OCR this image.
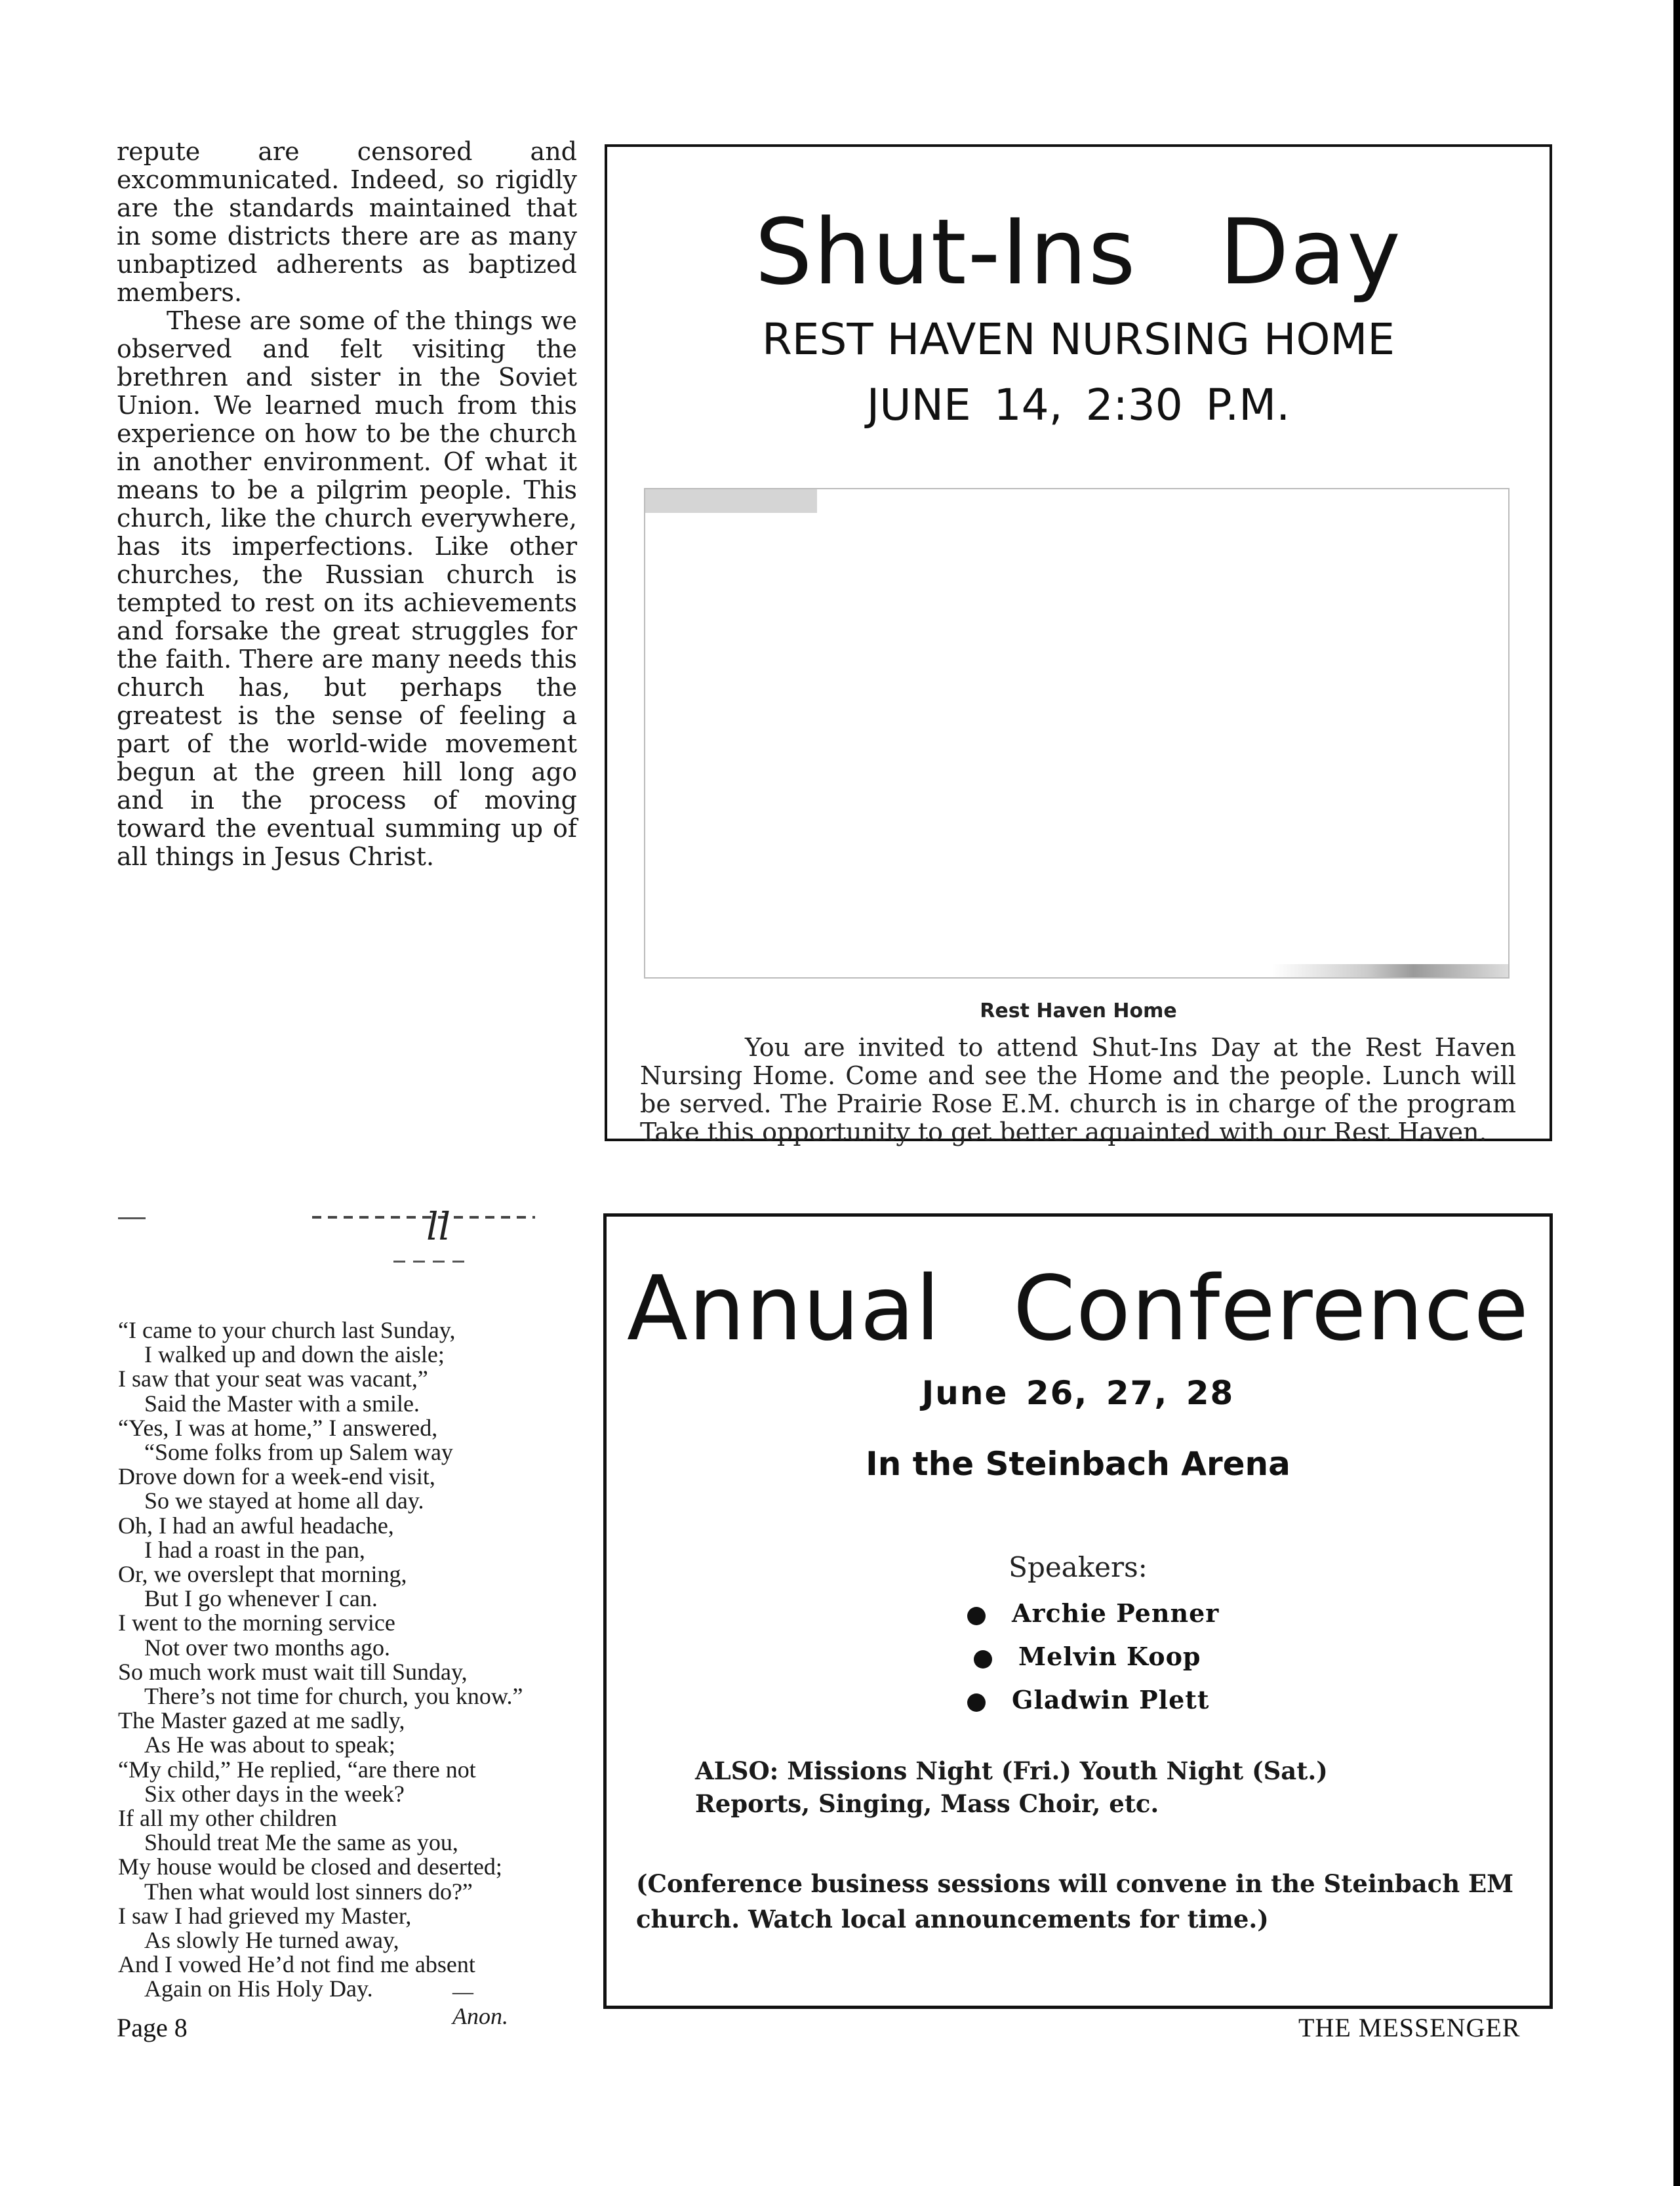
repute are censored and excommunicated. Indeed, so rigidly are the standards maintained that in some districts there are as many unbaptized adherents as baptized members.

These are some of the things we observed and felt visiting the brethren and sister in the Soviet Union. We learned much from this experience on how to be the church in another environment. Of what it means to be a pilgrim people. This church, like the church everywhere, has its imperfections. Like other churches, the Russian church is tempted to rest on its achievements and forsake the great struggles for the faith. There are many needs this church has, but perhaps the greatest is the sense of feeling a part of the world-wide movement begun at the green hill long ago and in the process of moving toward the eventual summing up of all things in Jesus Christ.

Shut-Ins Day
REST HAVEN NURSING HOME
JUNE 14, 2:30 P.M.
Rest Haven Home
You are invited to attend Shut-Ins Day at the Rest Haven Nursing Home. Come and see the Home and the people. Lunch will be served. The Prairie Rose E.M. church is in charge of the program Take this opportunity to get better aquainted with our Rest Haven.
ꞁꞁ
“I came to your church last Sunday,
I walked up and down the aisle;
I saw that your seat was vacant,”
Said the Master with a smile.
“Yes, I was at home,” I answered,
“Some folks from up Salem way
Drove down for a week-end visit,
So we stayed at home all day.
Oh, I had an awful headache,
I had a roast in the pan,
Or, we overslept that morning,
But I go whenever I can.
I went to the morning service
Not over two months ago.
So much work must wait till Sunday,
There’s not time for church, you know.”
The Master gazed at me sadly,
As He was about to speak;
“My child,” He replied, “are there not
Six other days in the week?
If all my other children
Should treat Me the same as you,
My house would be closed and deserted;
Then what would lost sinners do?”
I saw I had grieved my Master,
As slowly He turned away,
And I vowed He’d not find me absent
Again on His Holy Day.	—Anon.
Annual Conference
June 26, 27, 28
In the Steinbach Arena
Speakers:
Archie Penner
Melvin Koop
Gladwin Plett
ALSO: Missions Night (Fri.) Youth Night (Sat.)
Reports, Singing, Mass Choir, etc.
(Conference business sessions will convene in the Steinbach EM church. Watch local announcements for time.)
Page 8	THE MESSENGER
